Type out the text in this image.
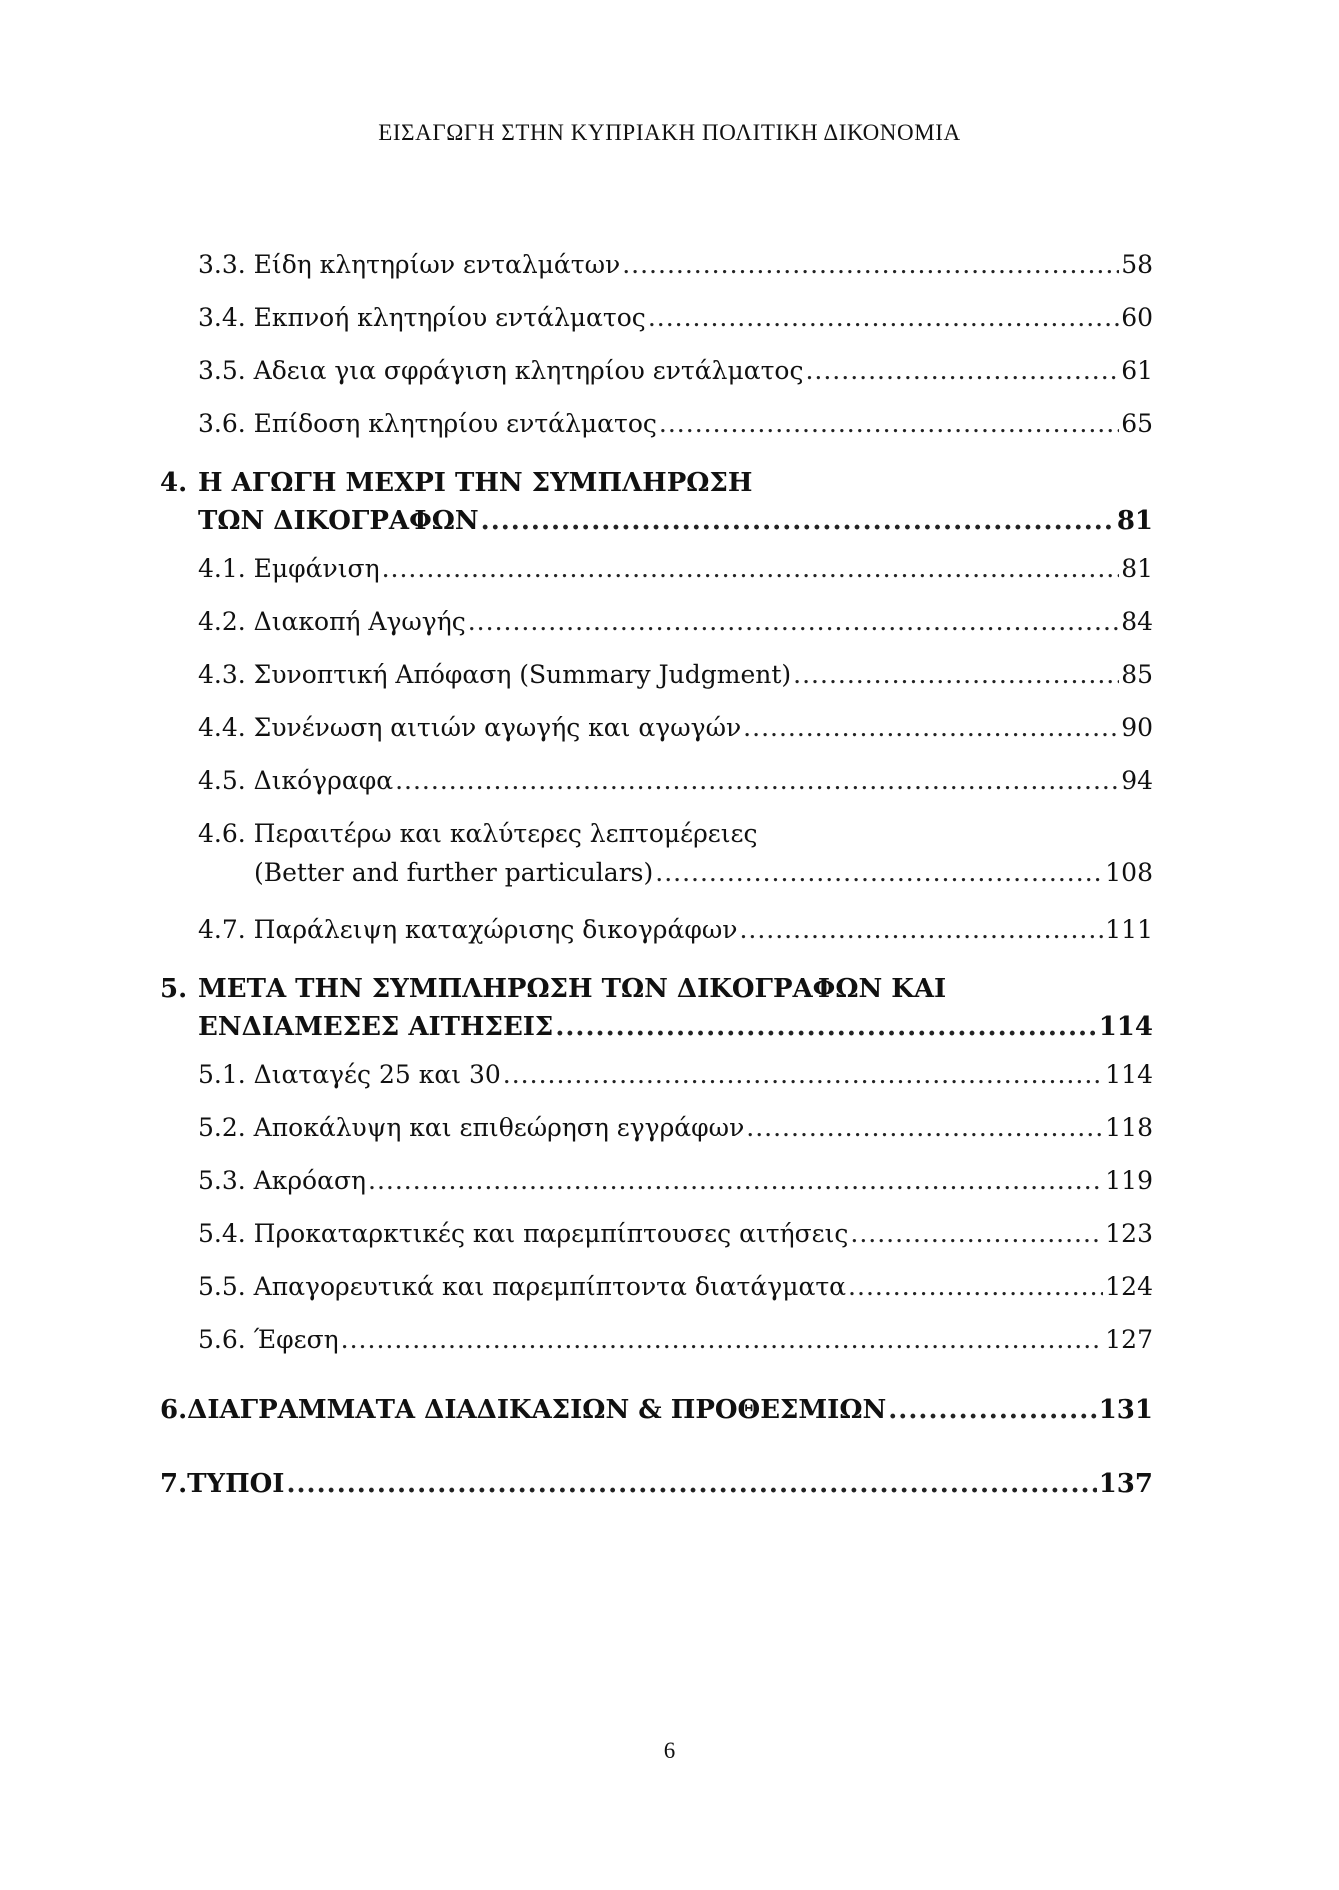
ΕΙΣΑΓΩΓΗ ΣΤΗΝ ΚΥΠΡΙΑΚΗ ΠΟΛΙΤΙΚΗ ΔΙΚΟΝΟΜΙΑ
3.3. Είδη κλητηρίων ενταλμάτων .....	58
3.4. Εκπνοή κλητηρίου εντάλματος .....	60
3.5. Αδεια για σφράγιση κλητηρίου εντάλματος .....	61
3.6. Επίδοση κλητηρίου εντάλματος .....	65
4. Η ΑΓΩΓΗ ΜΕΧΡΙ ΤΗΝ ΣΥΜΠΛΗΡΩΣΗ
ΤΩΝ ΔΙΚΟΓΡΑΦΩΝ .....	81
4.1. Εμφάνιση .....	81
4.2. Διακοπή Αγωγής .....	84
4.3. Συνοπτική Απόφαση (Summary Judgment) .....	85
4.4. Συνένωση αιτιών αγωγής και αγωγών .....	90
4.5. Δικόγραφα .....	94
4.6. Περαιτέρω και καλύτερες λεπτομέρειες
(Better and further particulars) .....	108
4.7. Παράλειψη καταχώρισης δικογράφων .....	111
5. ΜΕΤΑ ΤΗΝ ΣΥΜΠΛΗΡΩΣΗ ΤΩΝ ΔΙΚΟΓΡΑΦΩΝ ΚΑΙ
ΕΝΔΙΑΜΕΣΕΣ ΑΙΤΗΣΕΙΣ .....	114
5.1. Διαταγές 25 και 30 .....	114
5.2. Αποκάλυψη και επιθεώρηση εγγράφων .....	118
5.3. Ακρόαση .....	119
5.4. Προκαταρκτικές και παρεμπίπτουσες αιτήσεις .....	123
5.5. Απαγορευτικά και παρεμπίπτοντα διατάγματα .....	124
5.6. Έφεση .....	127
6. ΔΙΑΓΡΑΜΜΑΤΑ ΔΙΑΔΙΚΑΣΙΩΝ & ΠΡΟΘΕΣΜΙΩΝ .....	131
7. ΤΥΠΟΙ .....	137
6
